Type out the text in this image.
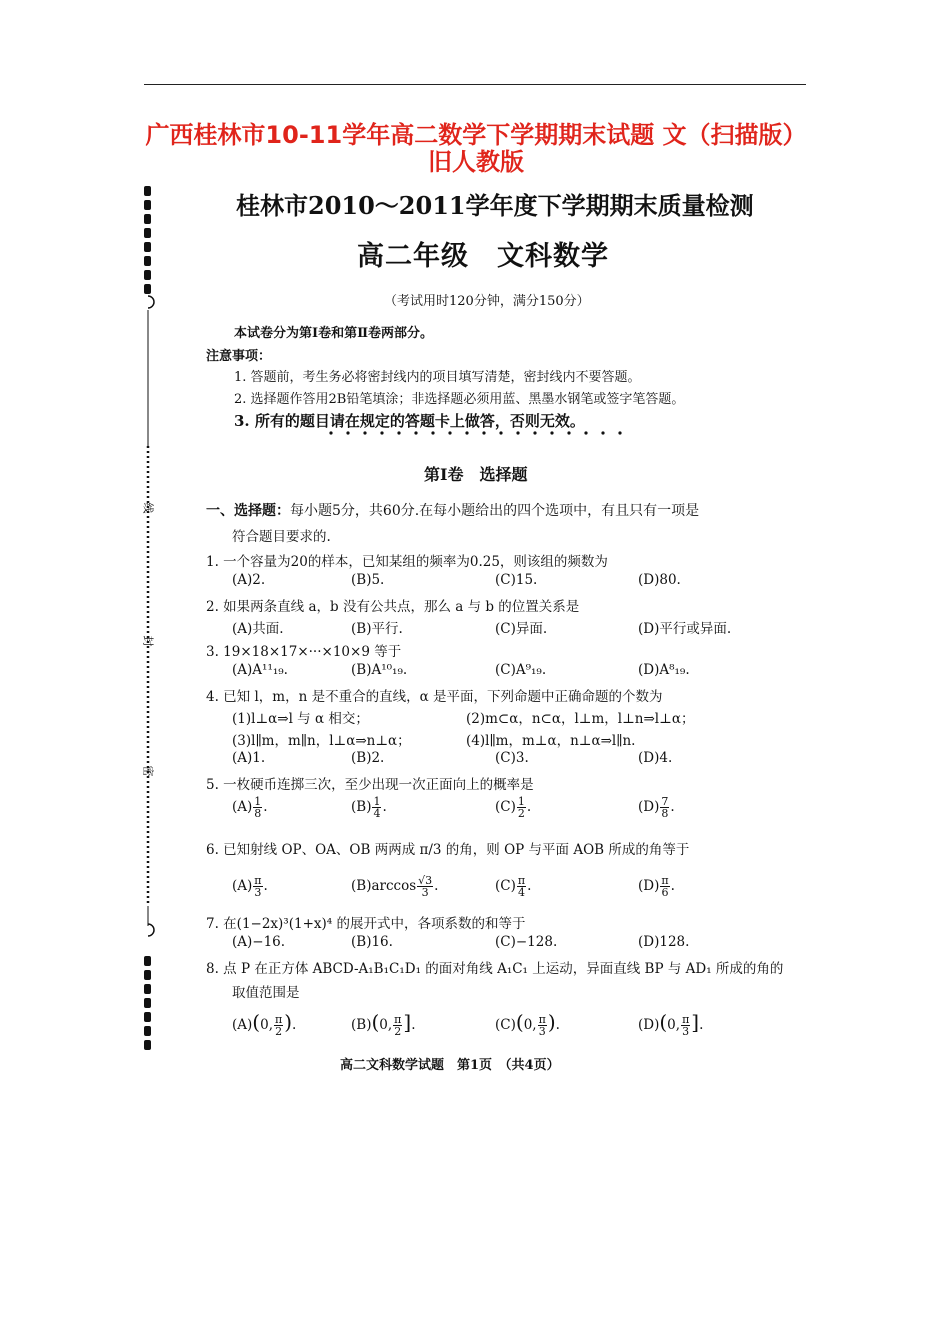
广西桂林市10-11学年高二数学下学期期末试题 文（扫描版）旧人教版
线
封
密
桂林市2010～2011学年度下学期期末质量检测
高二年级　文科数学
（考试用时120分钟，满分150分）
本试卷分为第Ⅰ卷和第Ⅱ卷两部分。
注意事项：
1. 答题前，考生务必将密封线内的项目填写清楚，密封线内不要答题。
2. 选择题作答用2B铅笔填涂；非选择题必须用蓝、黑墨水钢笔或签字笔答题。
3. 所有的题目请在规定的答题卡上做答，否则无效。
第Ⅰ卷　选择题
一、选择题：每小题5分，共60分.在每小题给出的四个选项中，有且只有一项是
符合题目要求的.
1. 一个容量为20的样本，已知某组的频率为0.25，则该组的频数为
(A)2.	(B)5.	(C)15.	(D)80.
2. 如果两条直线 a，b 没有公共点，那么 a 与 b 的位置关系是
(A)共面.	(B)平行.	(C)异面.	(D)平行或异面.
3. 19×18×17×···×10×9 等于
(A)A¹¹₁₉.	(B)A¹⁰₁₉.	(C)A⁹₁₉.	(D)A⁸₁₉.
4. 已知 l，m，n 是不重合的直线，α 是平面，下列命题中正确命题的个数为
(1)l⊥α⇒l 与 α 相交；	(2)m⊂α，n⊂α，l⊥m，l⊥n⇒l⊥α；
(3)l∥m，m∥n，l⊥α⇒n⊥α；	(4)l∥m，m⊥α，n⊥α⇒l∥n.
(A)1.	(B)2.	(C)3.	(D)4.
5. 一枚硬币连掷三次，至少出现一次正面向上的概率是
$(A) \frac{1}{8}$ .	$(B) \frac{1}{4}$ .	$(C) \frac{1}{2}$ .	$(D) \frac{7}{8}$ .
6. 已知射线 OP、OA、OB 两两成 π/3 的角，则 OP 与平面 AOB 所成的角等于
$(A) \frac{\pi}{3}$ .	$(B)\arccos \frac{√3}{3}$ .	$(C) \frac{\pi}{4}$ .	$(D) \frac{\pi}{6}$ .
7. 在(1−2x)³(1+x)⁴ 的展开式中，各项系数的和等于
(A)−16.	(B)16.	(C)−128.	(D)128.
8. 点 P 在正方体 ABCD-A₁B₁C₁D₁ 的面对角线 A₁C₁ 上运动，异面直线 BP 与 AD₁ 所成的角的
取值范围是
(A)(0, $\frac{\pi}{2}$ ).	(B)(0, $\frac{\pi}{2}$ ].	(C)(0, $\frac{\pi}{3}$ ).	(D)(0, $\frac{\pi}{3}$ ].
高二文科数学试题　第1页　（共4页）
